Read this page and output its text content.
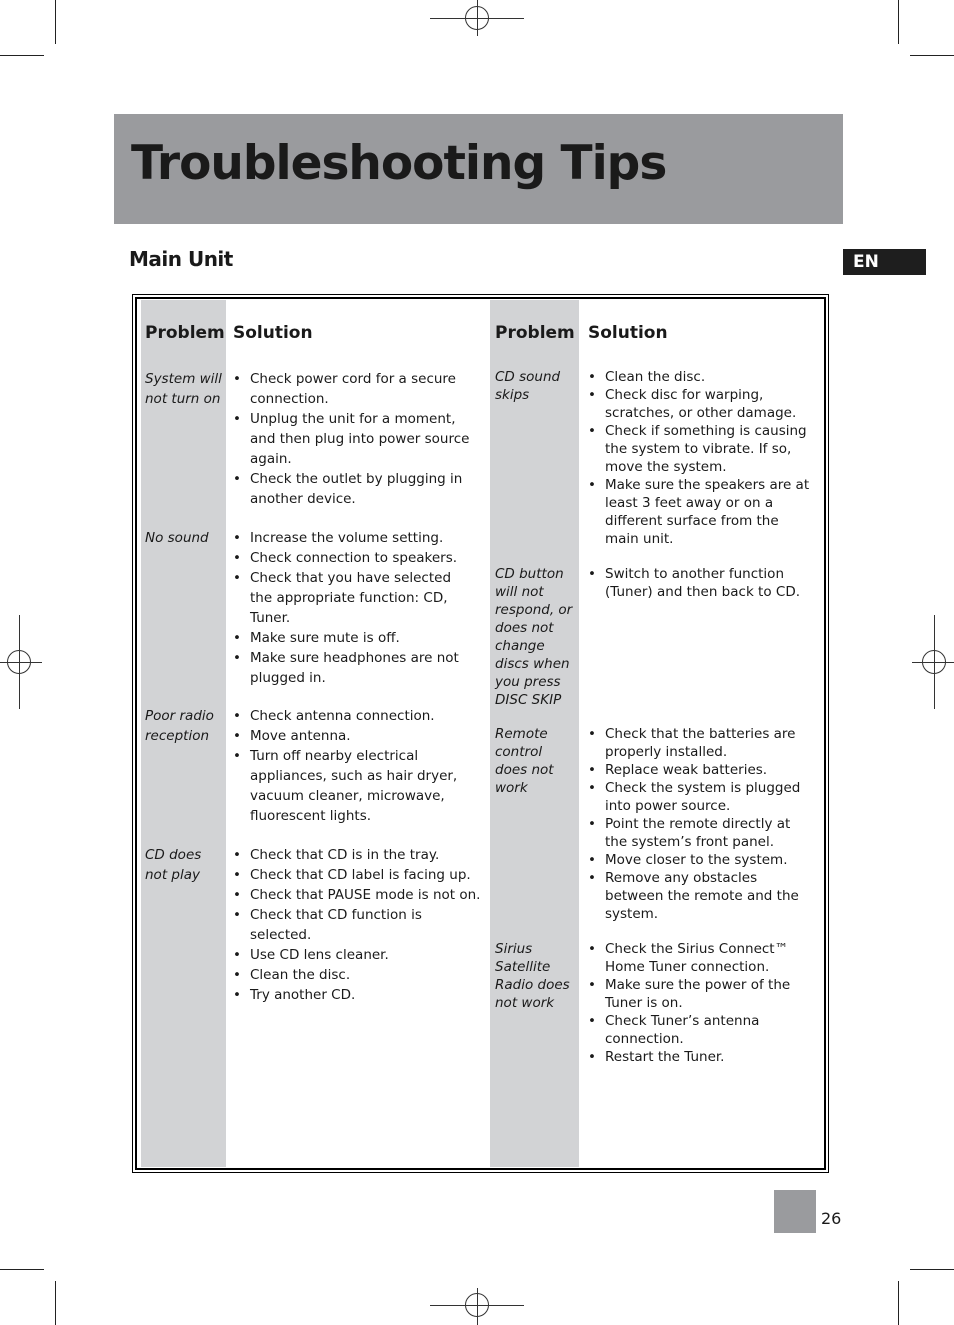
Troubleshooting Tips
Main Unit	EN
Problem Solution	Problem Solution
System will not turn on
• Check power cord for a secure connection.
• Unplug the unit for a moment, and then plug into power source again.
• Check the outlet by plugging in another device.
No sound
•	Increase the volume setting.
• Check connection to speakers.
• Check that you have selected the appropriate function: CD, Tuner.
• Make sure mute is off.
• Make sure headphones are not plugged in.
Poor radio reception
• Check antenna connection.
• Move antenna.
• Turn off nearby electrical appliances, such as hair dryer, vacuum cleaner, microwave, fluorescent lights.
CD does not play
• Check that CD is in the tray.
• Check that CD label is facing up.
• Check that PAUSE mode is not on.
• Check that CD function is selected.
• Use CD lens cleaner.
• Clean the disc.
• Try another CD.
CD sound skips
• Clean the disc.
• Check disc for warping, scratches, or other damage.
• Check if something is causing the system to vibrate. If so, move the system.
• Make sure the speakers are at least 3 feet away or on a different surface from the main unit.
CD button will not respond, or does not change discs when you press DISC SKIP
• Switch to another function (Tuner) and then back to CD.
Remote control does not work
• Check that the batteries are properly installed.
• Replace weak batteries.
• Check the system is plugged into power source.
• Point the remote directly at the system’s front panel.
• Move closer to the system.
• Remove any obstacles between the remote and the system.
Sirius Satellite Radio does not work
• Check the Sirius Connect™ Home Tuner connection.
• Make sure the power of the Tuner is on.
• Check Tuner’s antenna connection.
• Restart the Tuner.
26
